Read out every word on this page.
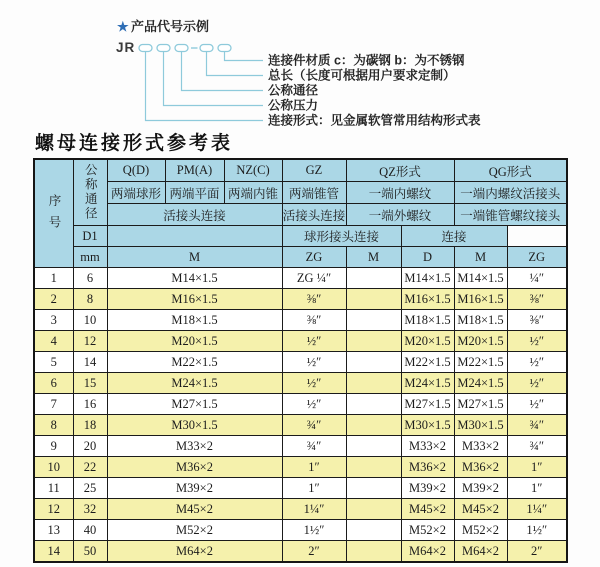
★ 产品代号示例
JR
连接件材质 c：为碳钢 b：为不锈钢
总长（长度可根据用户要求定制）
公称通径
公称压力
连接形式：见金属软管常用结构形式表
螺母连接形式参考表
序号	公称通径	Q(D)	PM(A)	NZ(C)	GZ	QZ形式		QG形式	
		两端球形	两端平面	两端内锥	两端锥管	一端内螺纹		一端内螺纹活接头	
		活接头连接			活接头连接	一端外螺纹		一端锥管螺纹接头	
	D1				球形接头连接		连接		
	mm	M			ZG	M	D	M	ZG
1	6	M14×1.5			ZG ¼″		M14×1.5	M14×1.5	¼″
2	8	M16×1.5			⅜″		M16×1.5	M16×1.5	⅜″
3	10	M18×1.5			⅜″		M18×1.5	M18×1.5	⅜″
4	12	M20×1.5			½″		M20×1.5	M20×1.5	½″
5	14	M22×1.5			½″		M22×1.5	M22×1.5	½″
6	15	M24×1.5			½″		M24×1.5	M24×1.5	½″
7	16	M27×1.5			½″		M27×1.5	M27×1.5	½″
8	18	M30×1.5			¾″		M30×1.5	M30×1.5	¾″
9	20	M33×2			¾″		M33×2	M33×2	¾″
10	22	M36×2			1″		M36×2	M36×2	1″
11	25	M39×2			1″		M39×2	M39×2	1″
12	32	M45×2			1¼″		M45×2	M45×2	1¼″
13	40	M52×2			1½″		M52×2	M52×2	1½″
14	50	M64×2			2″		M64×2	M64×2	2″
